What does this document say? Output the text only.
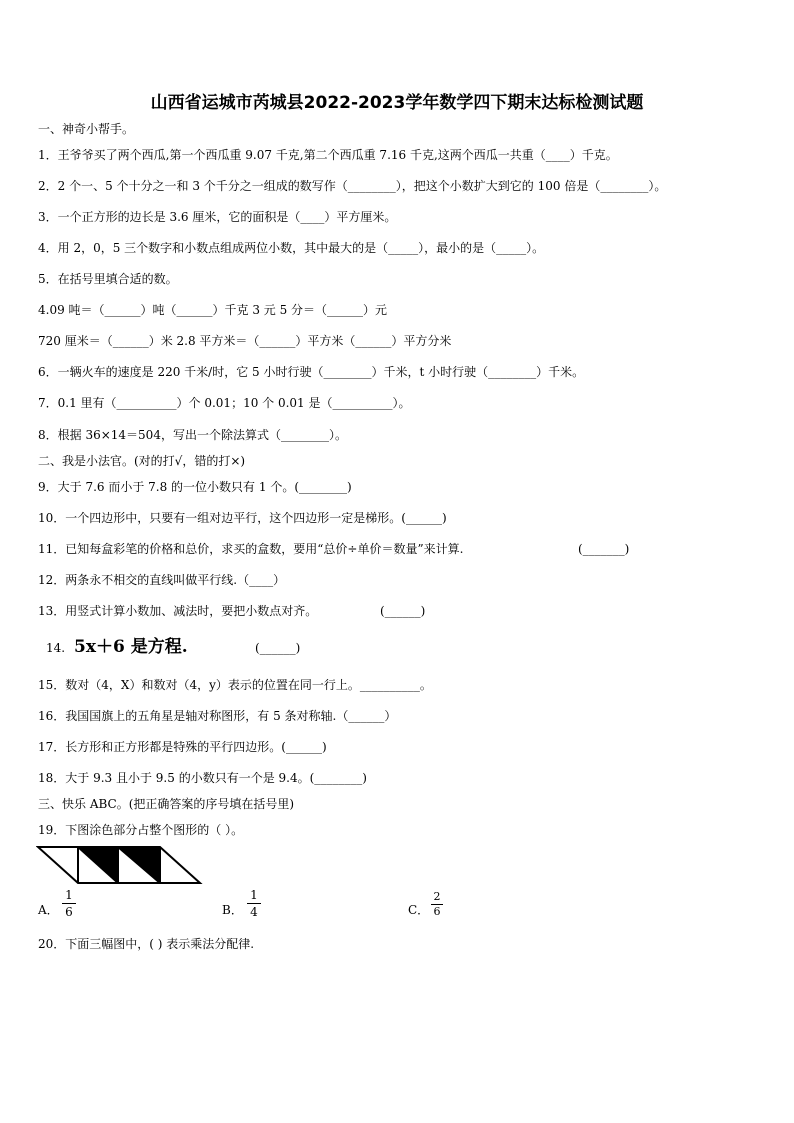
山西省运城市芮城县2022-2023学年数学四下期末达标检测试题
一、神奇小帮手。
1．王爷爷买了两个西瓜,第一个西瓜重 9.07 千克,第二个西瓜重 7.16 千克,这两个西瓜一共重（____）千克。
2．2 个一、5 个十分之一和 3 个千分之一组成的数写作（________），把这个小数扩大到它的 100 倍是（________）。
3．一个正方形的边长是 3.6 厘米，它的面积是（____）平方厘米。
4．用 2，0，5 三个数字和小数点组成两位小数，其中最大的是（_____），最小的是（_____）。
5．在括号里填合适的数。
4.09 吨＝（______）吨（______）千克 3 元 5 分＝（______）元
720 厘米＝（______）米 2.8 平方米＝（______）平方米（______）平方分米
6．一辆火车的速度是 220 千米/时，它 5 小时行驶（________）千米，t 小时行驶（________）千米。
7．0.1 里有（__________）个 0.01；10 个 0.01 是（__________）。
8．根据 36×14＝504，写出一个除法算式（________）。
二、我是小法官。(对的打√，错的打×)
9．大于 7.6 而小于 7.8 的一位小数只有 1 个。(________)
10．一个四边形中，只要有一组对边平行，这个四边形一定是梯形。(______)
11．已知每盒彩笔的价格和总价，求买的盒数，要用“总价÷单价＝数量”来计算.	(_______)
12．两条永不相交的直线叫做平行线.（____）
13．用竖式计算小数加、减法时，要把小数点对齐。	(______)
14. 5x＋6 是方程.	(______)
15．数对（4，X）和数对（4，y）表示的位置在同一行上。__________。
16．我国国旗上的五角星是轴对称图形，有 5 条对称轴.（______）
17．长方形和正方形都是特殊的平行四边形。(______)
18．大于 9.3 且小于 9.5 的小数只有一个是 9.4。(________)
三、快乐 ABC。(把正确答案的序号填在括号里)
19．下图涂色部分占整个图形的（ ）。
A．
1
6	B．
1
4	C．
2
6
20．下面三幅图中，( ) 表示乘法分配律.
